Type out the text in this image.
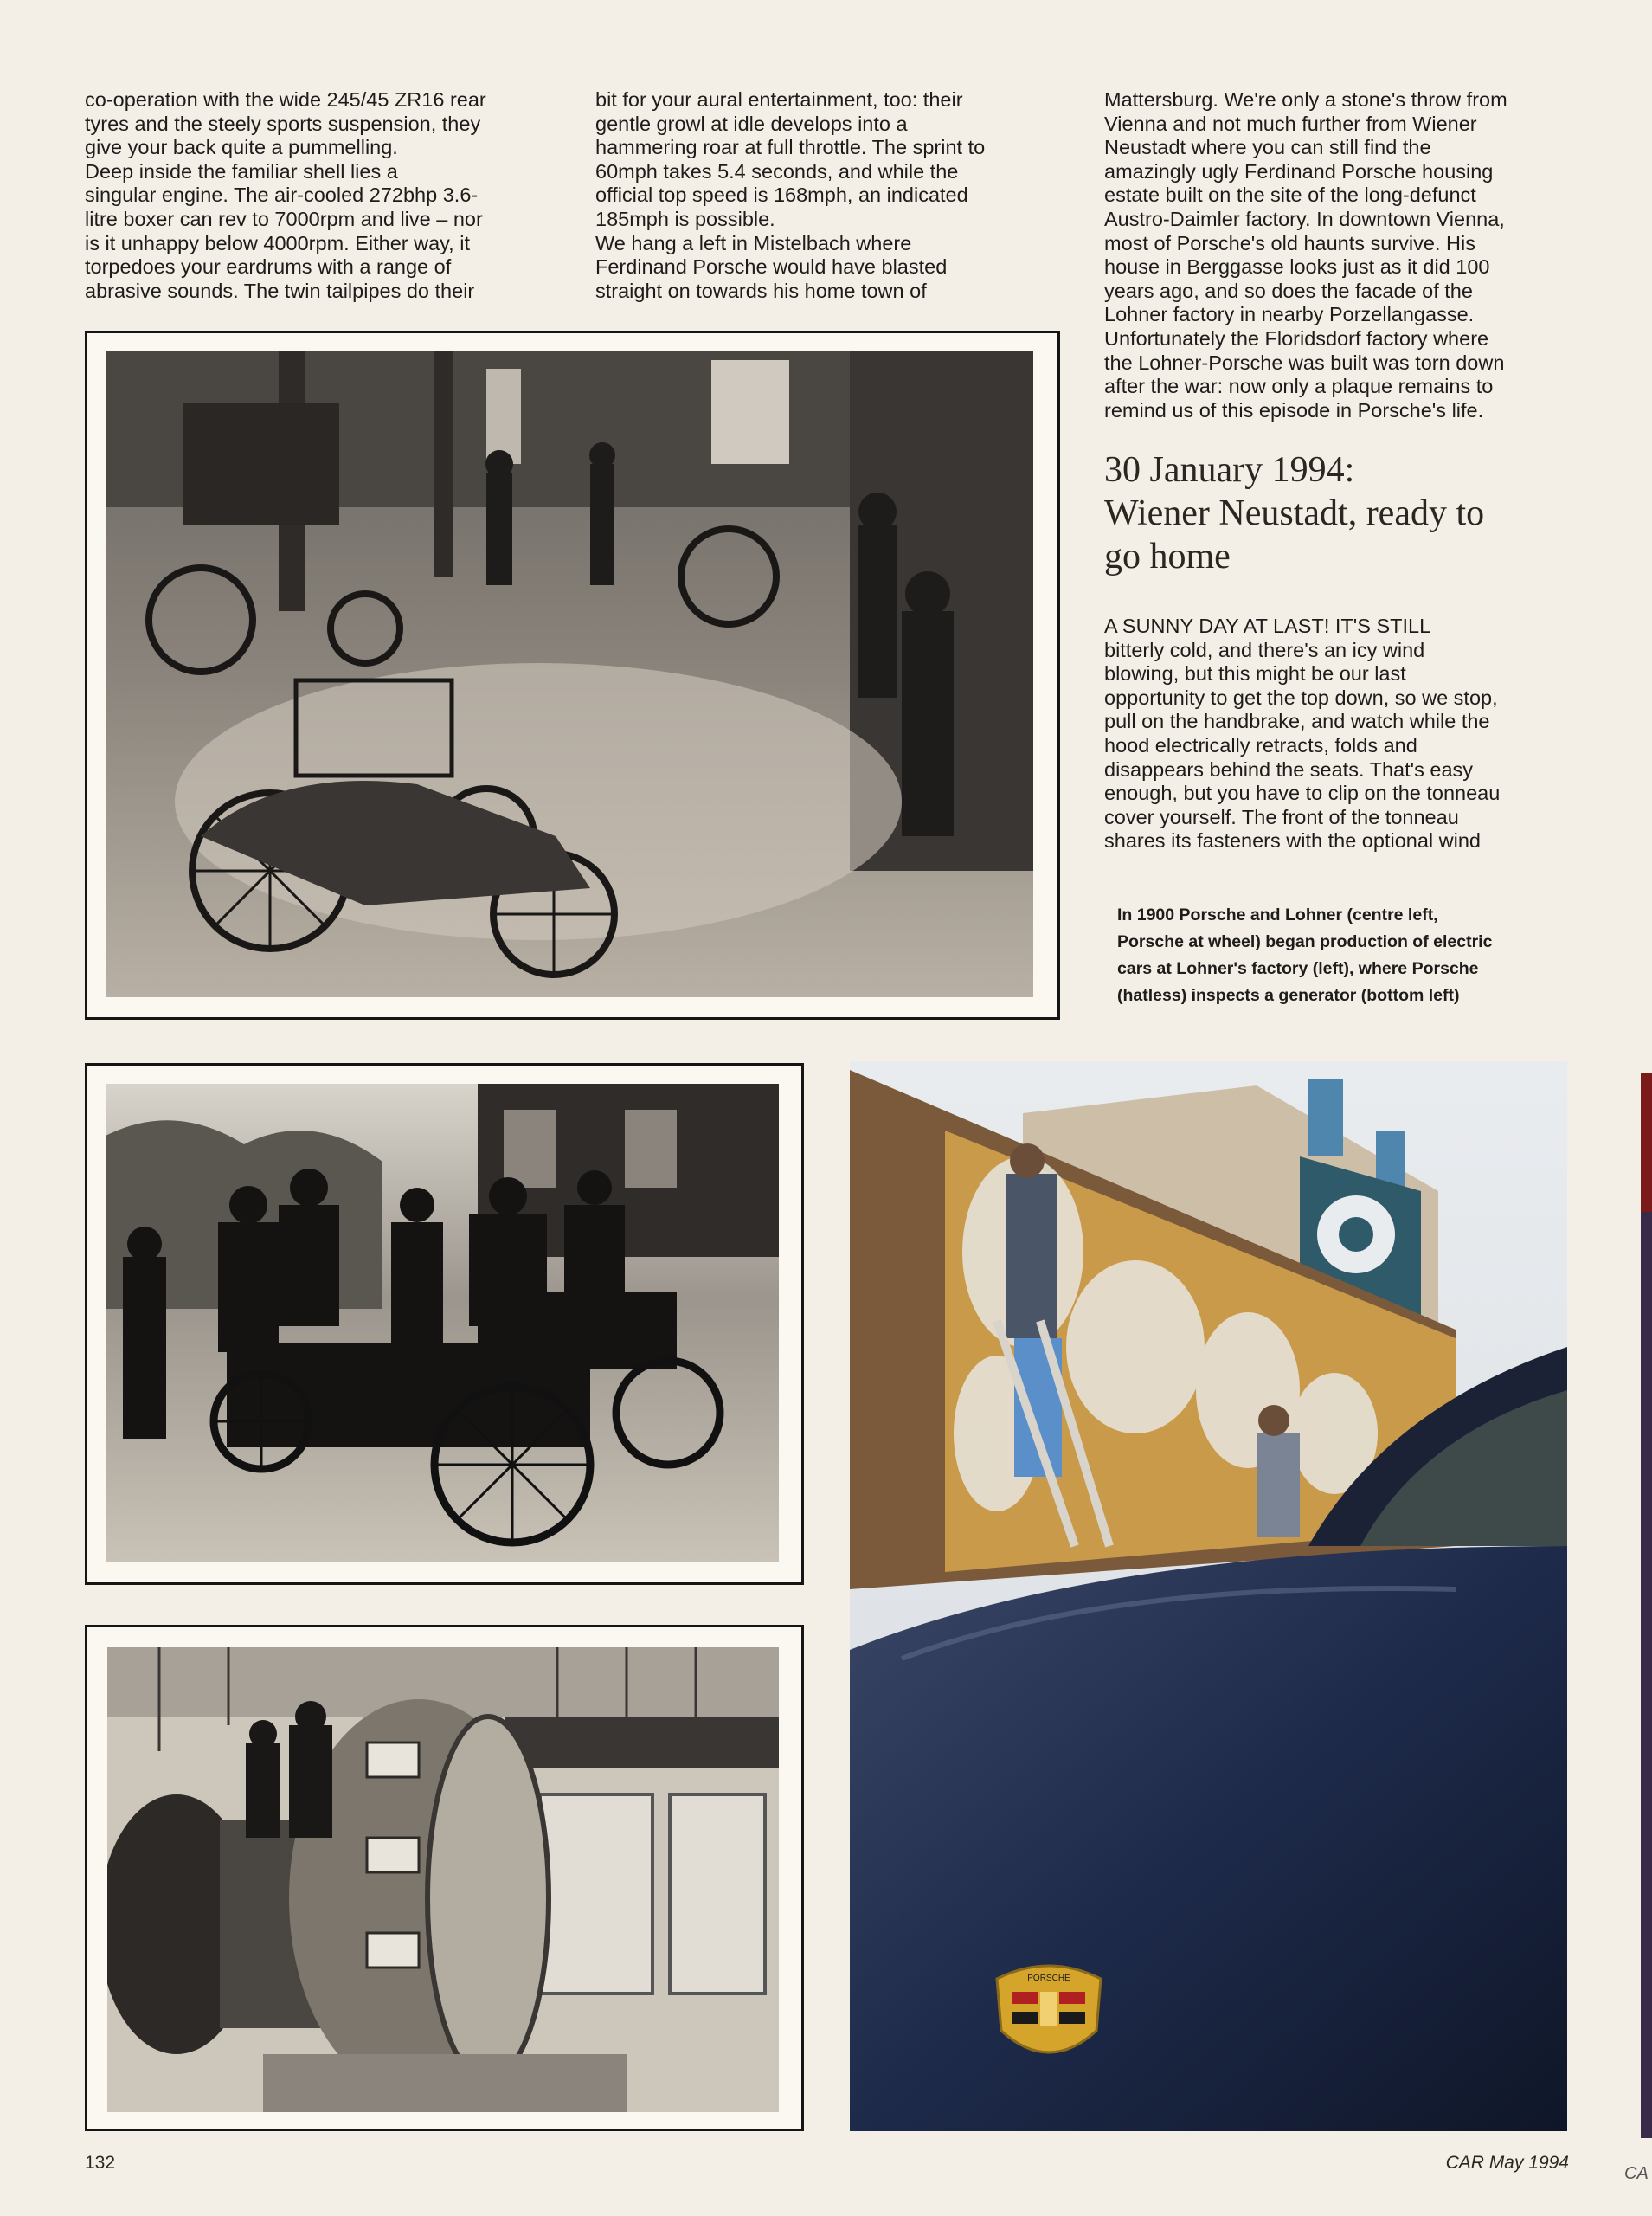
co-operation with the wide 245/45 ZR16 rear
tyres and the steely sports suspension, they
give your back quite a pummelling.
Deep inside the familiar shell lies a
singular engine. The air-cooled 272bhp 3.6-
litre boxer can rev to 7000rpm and live – nor
is it unhappy below 4000rpm. Either way, it
torpedoes your eardrums with a range of
abrasive sounds. The twin tailpipes do their

bit for your aural entertainment, too: their
gentle growl at idle develops into a
hammering roar at full throttle. The sprint to
60mph takes 5.4 seconds, and while the
official top speed is 168mph, an indicated
185mph is possible.
We hang a left in Mistelbach where
Ferdinand Porsche would have blasted
straight on towards his home town of

Mattersburg. We're only a stone's throw from
Vienna and not much further from Wiener
Neustadt where you can still find the
amazingly ugly Ferdinand Porsche housing
estate built on the site of the long-defunct
Austro-Daimler factory. In downtown Vienna,
most of Porsche's old haunts survive. His
house in Berggasse looks just as it did 100
years ago, and so does the facade of the
Lohner factory in nearby Porzellangasse.
Unfortunately the Floridsdorf factory where
the Lohner-Porsche was built was torn down
after the war: now only a plaque remains to
remind us of this episode in Porsche's life.

30 January 1994:
Wiener Neustadt, ready to
go home

A SUNNY DAY AT LAST! IT'S STILL
bitterly cold, and there's an icy wind
blowing, but this might be our last
opportunity to get the top down, so we stop,
pull on the handbrake, and watch while the
hood electrically retracts, folds and
disappears behind the seats. That's easy
enough, but you have to clip on the tonneau
cover yourself. The front of the tonneau
shares its fasteners with the optional wind

In 1900 Porsche and Lohner (centre left,
Porsche at wheel) began production of electric
cars at Lohner's factory (left), where Porsche
(hatless) inspects a generator (bottom left)

PORSCHE

132	CAR May 1994

CA
